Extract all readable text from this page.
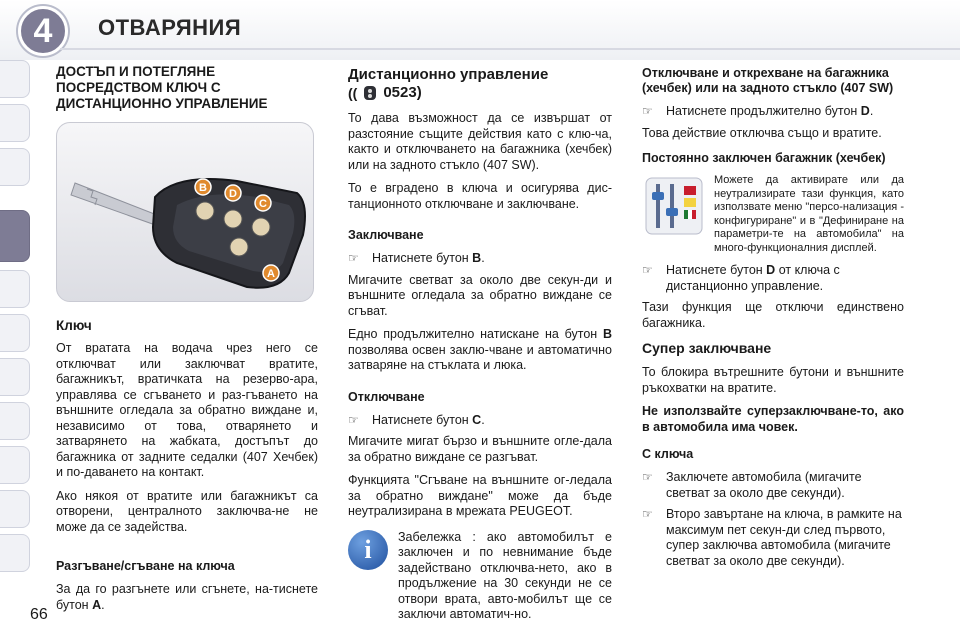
4	ОТВАРЯНИЯ
ДОСТЪП И ПОТЕГЛЯНЕ ПОСРЕДСТВОМ КЛЮЧ С ДИСТАНЦИОННО УПРАВЛЕНИЕ
B D
C
A
Ключ

От вратата на водача чрез него се отключват или заключват вратите, багажникът, вратичката на резерво-ара, управлява се сгъването и раз-гъването на външните огледала за обратно виждане и, независимо от това, отварянето и затварянето на жабката, достъпът до багажника от задните седалки (407 Хечбек) и по-даването на контакт.

Ако някоя от вратите или багажникът са отворени, централното заключва-не не може да се задейства.

Разгъване/сгъване на ключа

За да го разгънете или сгънете, на-тиснете бутон А.

66
Дистанционно управление

(( 0523)

То дава възможност да се извършат от разстояние същите действия като с клю-ча, както и отключването на багажника (хечбек) или на задното стъкло (407 SW).

То е вградено в ключа и осигурява дис-танционното отключване и заключване.

Заключване
☞ Натиснете бутон B.

Мигачите светват за около две секун-ди и външните огледала за обратно виждане се сгъват.

Едно продължително натискане на бутон B позволява освен заклю-чване и автоматично затваряне на стъклата и люка.

Отключване
☞ Натиснете бутон C.

Мигачите мигат бързо и външните огле-дала за обратно виждане се разгъват.

Функцията "Сгъване на външните ог-ледала за обратно виждане" може да бъде неутрализирана в мрежата PEUGEOT.

i	Забележка : ако автомобилът е заключен и по невнимание бъде задействано отключва-нето, ако в продължение на 30 секунди не се отвори врата, авто-мобилът ще се заключи автоматич-но.

Отключване и открехване на багажника (хечбек) или на задното стъкло (407 SW)
☞ Натиснете продължително бутон D.

Това действие отключва също и вратите.

Постоянно заключен багажник (хечбек)

Можете да активирате или да неутрализирате тази функция, като използвате меню "персо-нализация - конфигуриране" и в "Дефиниране на параметри-те на автомобила" на много-функционалния дисплей.

☞ Натиснете бутон D от ключа с дистанционно управление.

Тази функция ще отключи единствено багажника.

Супер заключване

То блокира вътрешните бутони и външните ръкохватки на вратите.

Не използвайте суперзаключване-то, ако в автомобила има човек.

С ключа
☞ Заключете автомобила (мигачите светват за около две секунди).
☞ Второ завъртане на ключа, в рамките на максимум пет секун-ди след първото, супер заключва автомобила (мигачите светват за около две секунди).
